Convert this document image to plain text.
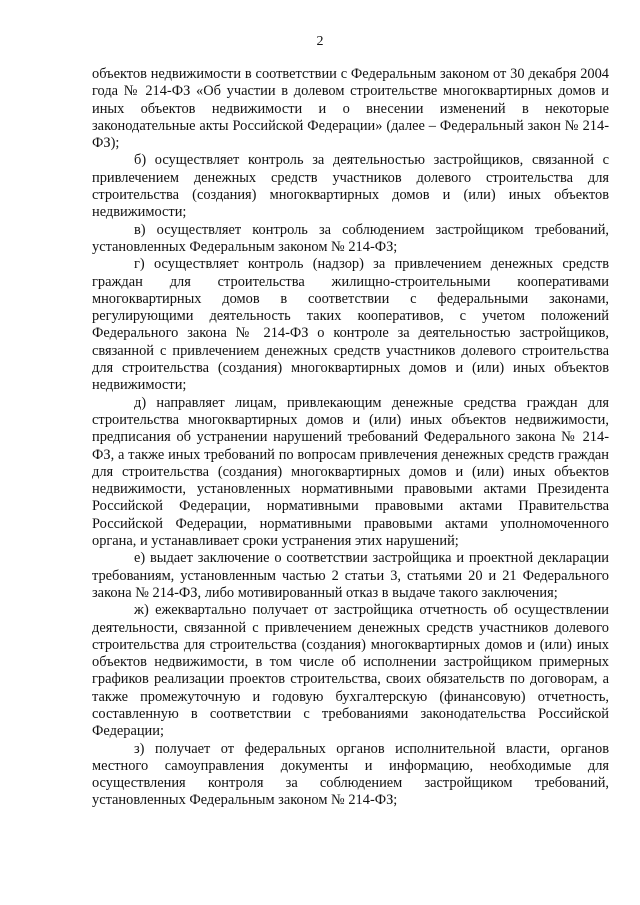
2

объектов недвижимости в соответствии с Федеральным законом от 30 декабря 2004 года № 214-ФЗ «Об участии в долевом строительстве многоквартирных домов и иных объектов недвижимости и о внесении изменений в некоторые законодательные акты Российской Федерации» (далее – Федеральный закон № 214-ФЗ);

б) осуществляет контроль за деятельностью застройщиков, связанной с привлечением денежных средств участников долевого строительства для строительства (создания) многоквартирных домов и (или) иных объектов недвижимости;

в) осуществляет контроль за соблюдением застройщиком требований, установленных Федеральным законом № 214-ФЗ;

г) осуществляет контроль (надзор) за привлечением денежных средств граждан для строительства жилищно-строительными кооперативами многоквартирных домов в соответствии с федеральными законами, регулирующими деятельность таких кооперативов, с учетом положений Федерального закона № 214-ФЗ о контроле за деятельностью застройщиков, связанной с привлечением денежных средств участников долевого строительства для строительства (создания) многоквартирных домов и (или) иных объектов недвижимости;

д) направляет лицам, привлекающим денежные средства граждан для строительства многоквартирных домов и (или) иных объектов недвижимости, предписания об устранении нарушений требований Федерального закона № 214-ФЗ, а также иных требований по вопросам привлечения денежных средств граждан для строительства (создания) многоквартирных домов и (или) иных объектов недвижимости, установленных нормативными правовыми актами Президента Российской Федерации, нормативными правовыми актами Правительства Российской Федерации, нормативными правовыми актами уполномоченного органа, и устанавливает сроки устранения этих нарушений;

е) выдает заключение о соответствии застройщика и проектной декларации требованиям, установленным частью 2 статьи 3, статьями 20 и 21 Федерального закона № 214-ФЗ, либо мотивированный отказ в выдаче такого заключения;

ж) ежеквартально получает от застройщика отчетность об осуществлении деятельности, связанной с привлечением денежных средств участников долевого строительства для строительства (создания) многоквартирных домов и (или) иных объектов недвижимости, в том числе об исполнении застройщиком примерных графиков реализации проектов строительства, своих обязательств по договорам, а также промежуточную и годовую бухгалтерскую (финансовую) отчетность, составленную в соответствии с требованиями законодательства Российской Федерации;

з) получает от федеральных органов исполнительной власти, органов местного самоуправления документы и информацию, необходимые для осуществления контроля за соблюдением застройщиком требований, установленных Федеральным законом № 214-ФЗ;
